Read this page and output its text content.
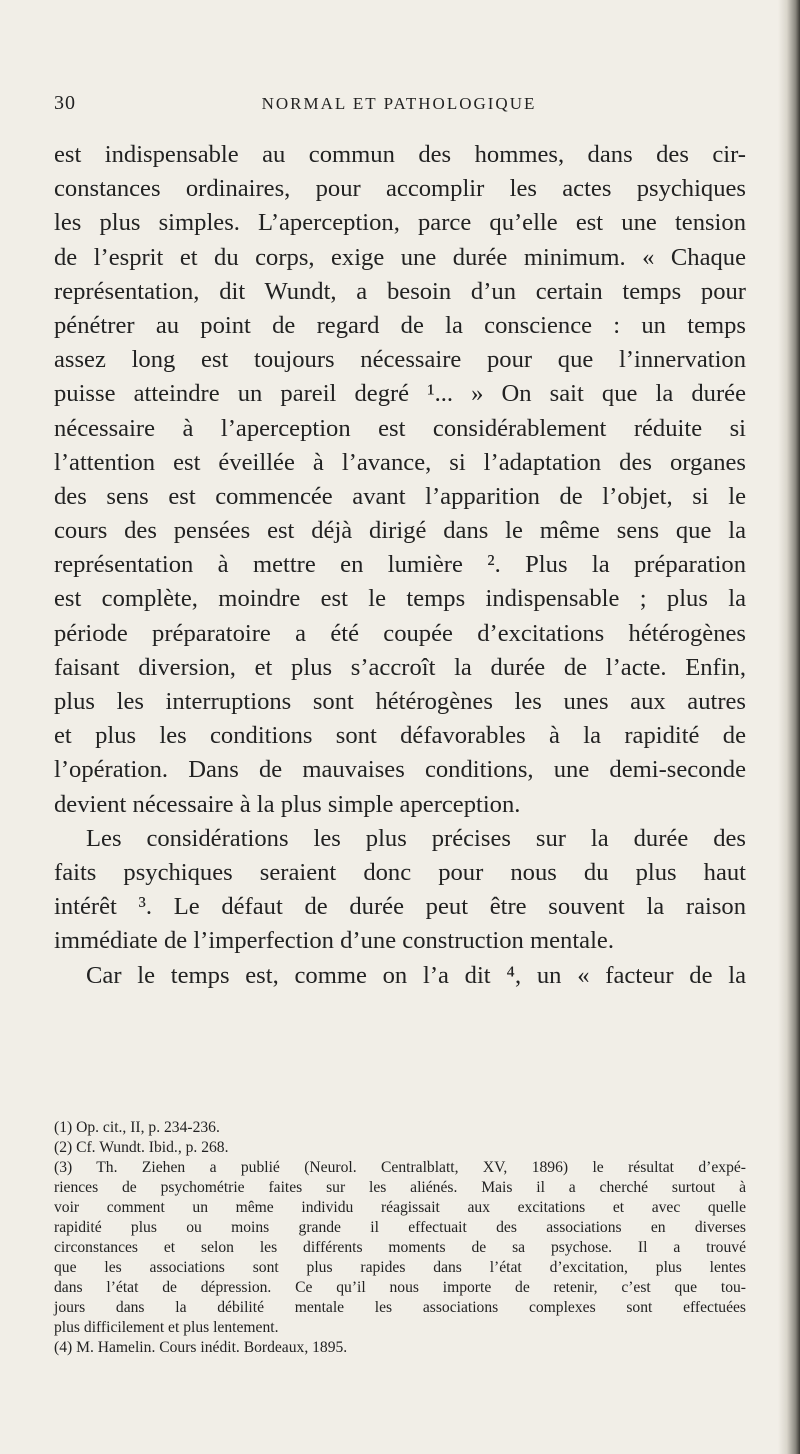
30	NORMAL ET PATHOLOGIQUE
est indispensable au commun des hommes, dans des cir-
constances ordinaires, pour accomplir les actes psychiques
les plus simples. L’aperception, parce qu’elle est une tension
de l’esprit et du corps, exige une durée minimum. « Chaque
représentation, dit Wundt, a besoin d’un certain temps pour
pénétrer au point de regard de la conscience : un temps
assez long est toujours nécessaire pour que l’innervation
puisse atteindre un pareil degré ¹... » On sait que la durée
nécessaire à l’aperception est considérablement réduite si
l’attention est éveillée à l’avance, si l’adaptation des organes
des sens est commencée avant l’apparition de l’objet, si le
cours des pensées est déjà dirigé dans le même sens que la
représentation à mettre en lumière ². Plus la préparation
est complète, moindre est le temps indispensable ; plus la
période préparatoire a été coupée d’excitations hétérogènes
faisant diversion, et plus s’accroît la durée de l’acte. Enfin,
plus les interruptions sont hétérogènes les unes aux autres
et plus les conditions sont défavorables à la rapidité de
l’opération. Dans de mauvaises conditions, une demi-seconde
devient nécessaire à la plus simple aperception.
Les considérations les plus précises sur la durée des
faits psychiques seraient donc pour nous du plus haut
intérêt ³. Le défaut de durée peut être souvent la raison
immédiate de l’imperfection d’une construction mentale.
Car le temps est, comme on l’a dit ⁴, un « facteur de la
(1) Op. cit., II, p. 234-236.
(2) Cf. Wundt. Ibid., p. 268.
(3) Th. Ziehen a publié (Neurol. Centralblatt, XV, 1896) le résultat d’expé-
riences de psychométrie faites sur les aliénés. Mais il a cherché surtout à
voir comment un même individu réagissait aux excitations et avec quelle
rapidité plus ou moins grande il effectuait des associations en diverses
circonstances et selon les différents moments de sa psychose. Il a trouvé
que les associations sont plus rapides dans l’état d’excitation, plus lentes
dans l’état de dépression. Ce qu’il nous importe de retenir, c’est que tou-
jours dans la débilité mentale les associations complexes sont effectuées
plus difficilement et plus lentement.
(4) M. Hamelin. Cours inédit. Bordeaux, 1895.
